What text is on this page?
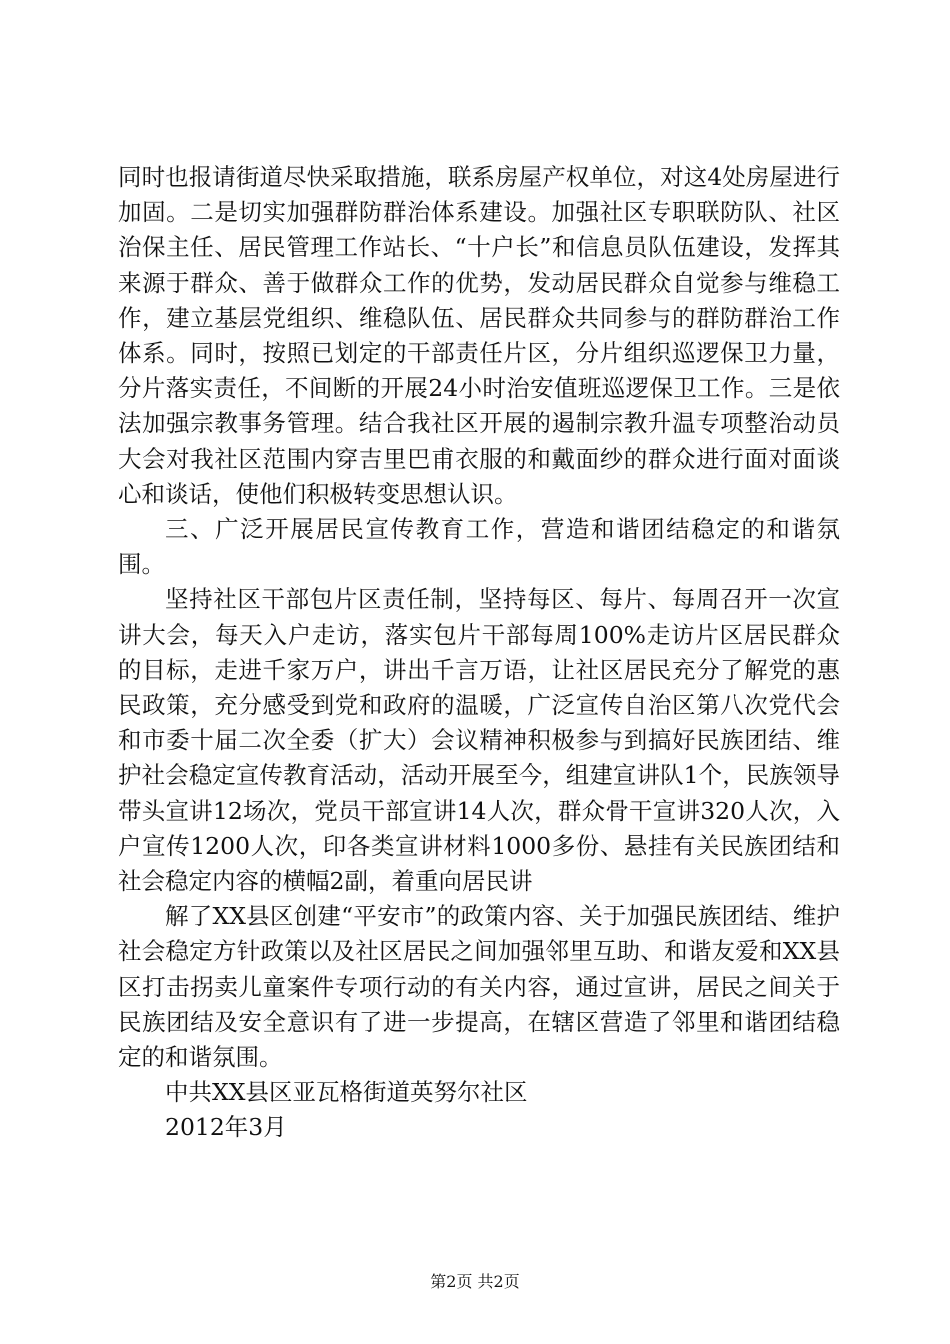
同时也报请街道尽快采取措施，联系房屋产权单位，对这4处房屋进行加固。二是切实加强群防群治体系建设。加强社区专职联防队、社区治保主任、居民管理工作站长、“十户长”和信息员队伍建设，发挥其来源于群众、善于做群众工作的优势，发动居民群众自觉参与维稳工作，建立基层党组织、维稳队伍、居民群众共同参与的群防群治工作体系。同时，按照已划定的干部责任片区，分片组织巡逻保卫力量，分片落实责任，不间断的开展24小时治安值班巡逻保卫工作。三是依法加强宗教事务管理。结合我社区开展的遏制宗教升温专项整治动员大会对我社区范围内穿吉里巴甫衣服的和戴面纱的群众进行面对面谈心和谈话，使他们积极转变思想认识。

三、广泛开展居民宣传教育工作，营造和谐团结稳定的和谐氛围。

坚持社区干部包片区责任制，坚持每区、每片、每周召开一次宣讲大会，每天入户走访，落实包片干部每周100%走访片区居民群众的目标，走进千家万户，讲出千言万语，让社区居民充分了解党的惠民政策，充分感受到党和政府的温暖，广泛宣传自治区第八次党代会和市委十届二次全委（扩大）会议精神积极参与到搞好民族团结、维护社会稳定宣传教育活动，活动开展至今，组建宣讲队1个，民族领导带头宣讲12场次，党员干部宣讲14人次，群众骨干宣讲320人次，入户宣传1200人次，印各类宣讲材料1000多份、悬挂有关民族团结和社会稳定内容的横幅2副，着重向居民讲

解了XX县区创建“平安市”的政策内容、关于加强民族团结、维护社会稳定方针政策以及社区居民之间加强邻里互助、和谐友爱和XX县区打击拐卖儿童案件专项行动的有关内容，通过宣讲，居民之间关于民族团结及安全意识有了进一步提高，在辖区营造了邻里和谐团结稳定的和谐氛围。

中共XX县区亚瓦格街道英努尔社区

2012年3月

第2页 共2页
